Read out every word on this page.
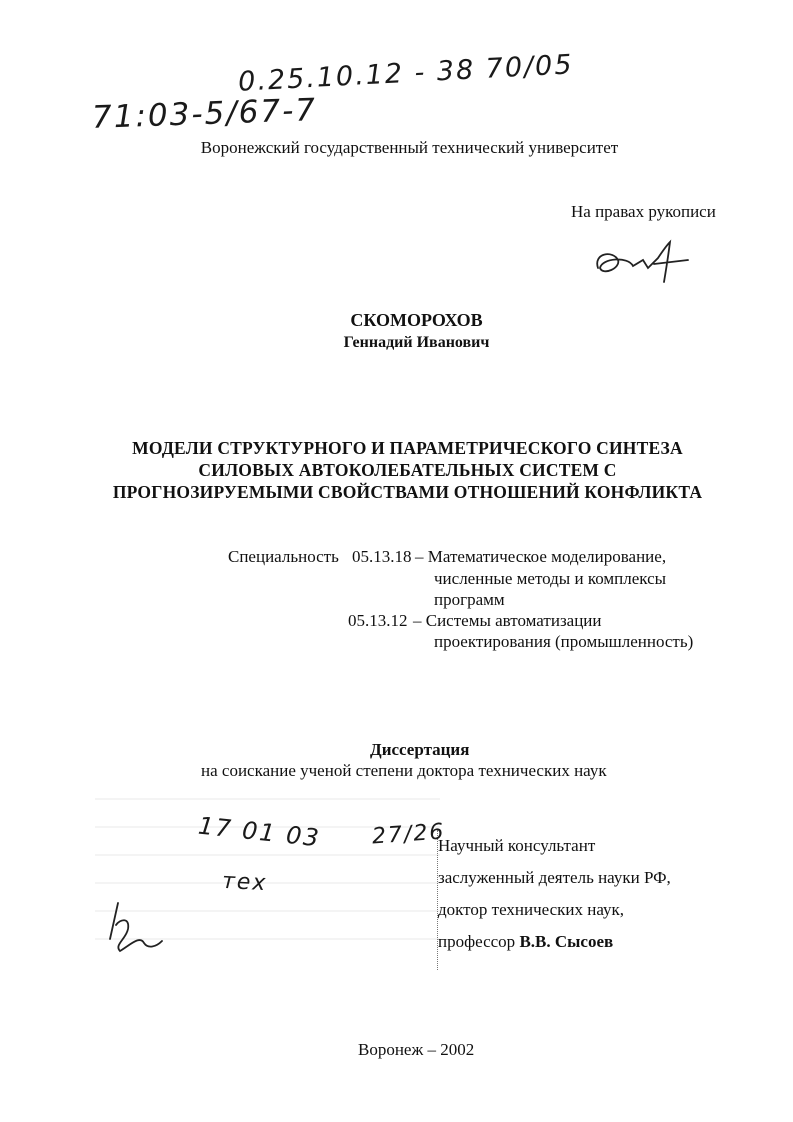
0.25.10.12 - 38 70/05
71:03-5/67-7
Воронежский государственный технический университет
На правах рукописи
СКОМОРОХОВ
Геннадий Иванович
МОДЕЛИ СТРУКТУРНОГО И ПАРАМЕТРИЧЕСКОГО СИНТЕЗА
СИЛОВЫХ АВТОКОЛЕБАТЕЛЬНЫХ СИСТЕМ С
ПРОГНОЗИРУЕМЫМИ СВОЙСТВАМИ ОТНОШЕНИЙ КОНФЛИКТА
Специальность 05.13.18 – Математическое моделирование,
численные методы и комплексы
программ
05.13.12 – Системы автоматизации
проектирования (промышленность)
Диссертация
на соискание ученой степени доктора технических наук
17 01 03 27/26
тех
Научный консультант
заслуженный деятель науки РФ,
доктор технических наук,
профессор В.В. Сысоев
Воронеж – 2002
